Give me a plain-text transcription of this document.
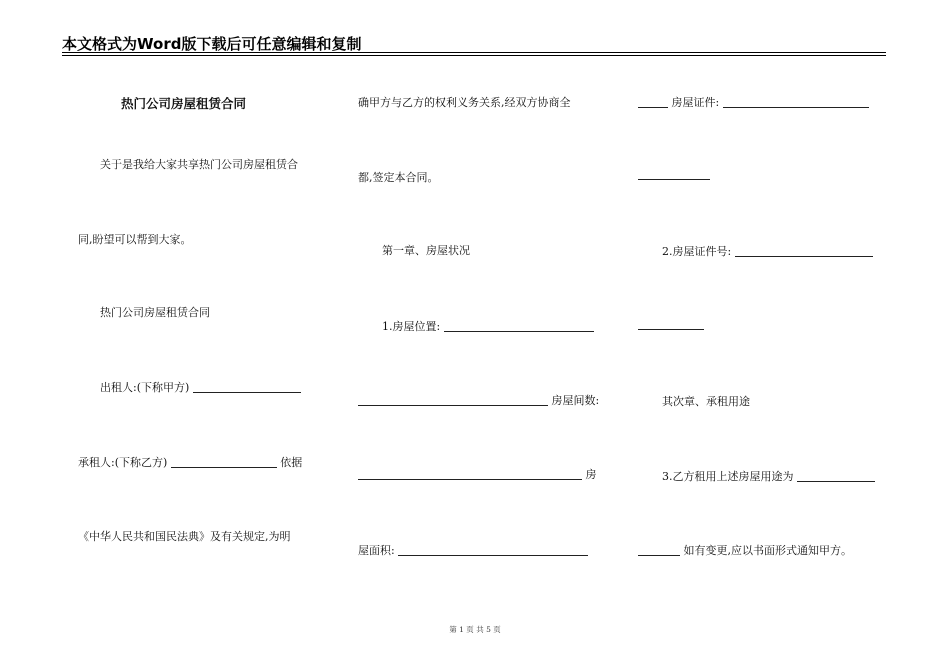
本文格式为Word版下载后可任意编辑和复制
热门公司房屋租赁合同
关于是我给大家共享热门公司房屋租赁合
同,盼望可以帮到大家。
热门公司房屋租赁合同
出租人:(下称甲方)
承租人:(下称乙方)	依据
《中华人民共和国民法典》及有关规定,为明
确甲方与乙方的权利义务关系,经双方协商全
都,签定本合同。
第一章、房屋状况
1.房屋位置:
房屋间数:
房
屋面积:
房屋证件:
2.房屋证件号:
其次章、承租用途
3.乙方租用上述房屋用途为
如有变更,应以书面形式通知甲方。
第 1 页 共 5 页
